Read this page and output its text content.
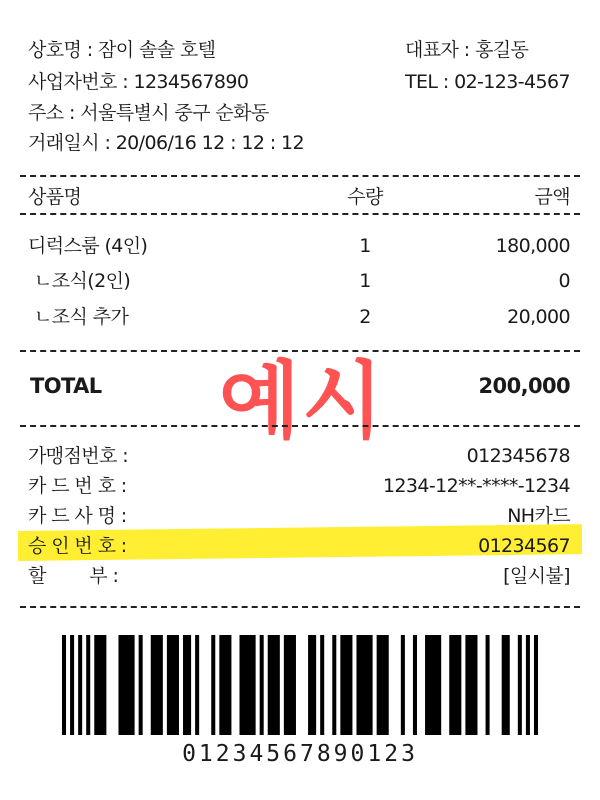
상호명 : 잠이 솔솔 호텔	대표자 : 홍길동
사업자번호 : 1234567890	TEL : 02-123-4567
주소 : 서울특별시 중구 순화동
거래일시 : 20/06/16 12 : 12 : 12
상품명	수량	금액
디럭스룸 (4인)	1	180,000
ㄴ조식(2인)	1	0
ㄴ조식 추가	2	20,000
TOTAL	200,000
예시
가맹점번호 :	012345678
카 드 번 호 :	1234-12**-****-1234
카 드 사 명 :	NH카드
승 인 번 호 :	01234567
할        부 :	[일시불]
01234567890123
